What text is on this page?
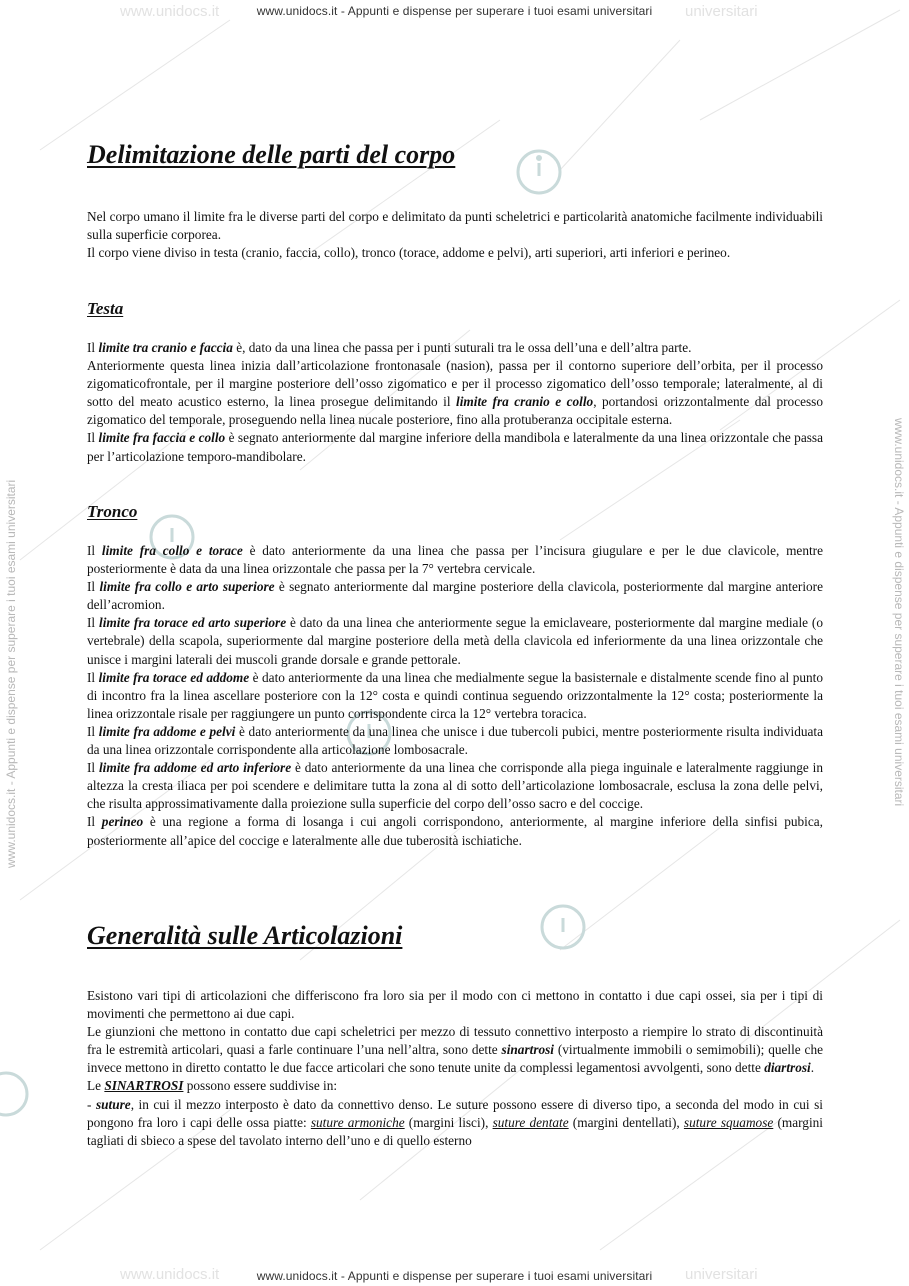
www.unidocs.it	universitari
www.unidocs.it	universitari
www.unidocs.it - Appunti e dispense per superare i tuoi esami universitari
www.unidocs.it - Appunti e dispense per superare i tuoi esami universitari
www.unidocs.it - Appunti e dispense per superare i tuoi esami universitari	www.unidocs.it - Appunti e dispense per superare i tuoi esami universitari
Delimitazione delle parti del corpo

Nel corpo umano il limite fra le diverse parti del corpo e delimitato da punti scheletrici e particolarità anatomiche facilmente individuabili sulla superficie corporea.

Il corpo viene diviso in testa (cranio, faccia, collo), tronco (torace, addome e pelvi), arti superiori, arti inferiori e perineo.

Testa

Il limite tra cranio e faccia è, dato da una linea che passa per i punti suturali tra le ossa dell’una e dell’altra parte.

Anteriormente questa linea inizia dall’articolazione frontonasale (nasion), passa per il contorno superiore dell’orbita, per il processo zigomaticofrontale, per il margine posteriore dell’osso zigomatico e per il processo zigomatico dell’osso temporale; lateralmente, al di sotto del meato acustico esterno, la linea prosegue delimitando il limite fra cranio e collo, portandosi orizzontalmente dal processo zigomatico del temporale, proseguendo nella linea nucale posteriore, fino alla protuberanza occipitale esterna.

Il limite fra faccia e collo è segnato anteriormente dal margine inferiore della mandibola e lateralmente da una linea orizzontale che passa per l’articolazione temporo-mandibolare.

Tronco

Il limite fra collo e torace è dato anteriormente da una linea che passa per l’incisura giugulare e per le due clavicole, mentre posteriormente è data da una linea orizzontale che passa per la 7° vertebra cervicale.

Il limite fra collo e arto superiore è segnato anteriormente dal margine posteriore della clavicola, posteriormente dal margine anteriore dell’acromion.

Il limite fra torace ed arto superiore è dato da una linea che anteriormente segue la emiclaveare, posteriormente dal margine mediale (o vertebrale) della scapola, superiormente dal margine posteriore della metà della clavicola ed inferiormente da una linea orizzontale che unisce i margini laterali dei muscoli grande dorsale e grande pettorale.

Il limite fra torace ed addome è dato anteriormente da una linea che medialmente segue la basisternale e distalmente scende fino al punto di incontro fra la linea ascellare posteriore con la 12° costa e quindi continua seguendo orizzontalmente la 12° costa; posteriormente la linea orizzontale risale per raggiungere un punto corrispondente circa la 12° vertebra toracica.

Il limite fra addome e pelvi è dato anteriormente da una linea che unisce i due tubercoli pubici, mentre posteriormente risulta individuata da una linea orizzontale corrispondente alla articolazione lombosacrale.

Il limite fra addome ed arto inferiore è dato anteriormente da una linea che corrisponde alla piega inguinale e lateralmente raggiunge in altezza la cresta iliaca per poi scendere e delimitare tutta la zona al di sotto dell’articolazione lombosacrale, esclusa la zona delle pelvi, che risulta approssimativamente dalla proiezione sulla superficie del corpo dell’osso sacro e del coccige.

Il perineo è una regione a forma di losanga i cui angoli corrispondono, anteriormente, al margine inferiore della sinfisi pubica, posteriormente all’apice del coccige e lateralmente alle due tuberosità ischiatiche.

Generalità sulle Articolazioni

Esistono vari tipi di articolazioni che differiscono fra loro sia per il modo con ci mettono in contatto i due capi ossei, sia per i tipi di movimenti che permettono ai due capi.

Le giunzioni che mettono in contatto due capi scheletrici per mezzo di tessuto connettivo interposto a riempire lo strato di discontinuità fra le estremità articolari, quasi a farle continuare l’una nell’altra, sono dette sinartrosi (virtualmente immobili o semimobili); quelle che invece mettono in diretto contatto le due facce articolari che sono tenute unite da complessi legamentosi avvolgenti, sono dette diartrosi.

Le SINARTROSI possono essere suddivise in:

- suture, in cui il mezzo interposto è dato da connettivo denso. Le suture possono essere di diverso tipo, a seconda del modo in cui si pongono fra loro i capi delle ossa piatte: suture armoniche (margini lisci), suture dentate (margini dentellati), suture squamose (margini tagliati di sbieco a spese del tavolato interno dell’uno e di quello esterno
